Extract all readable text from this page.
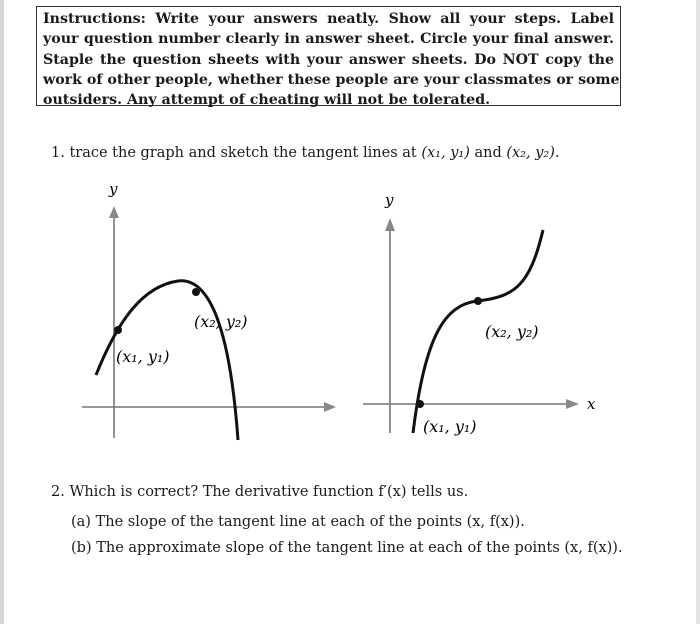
Instructions: Write your answers neatly. Show all your steps. Label
your question number clearly in answer sheet. Circle your final answer.
Staple the question sheets with your answer sheets. Do NOT copy the
work of other people, whether these people are your classmates or some
outsiders. Any attempt of cheating will not be tolerated.
1. trace the graph and sketch the tangent lines at (x₁, y₁) and (x₂, y₂).
y
(x₁, y₁)
(x₂, y₂)
y
x
(x₁, y₁)
(x₂, y₂)
2. Which is correct? The derivative function f′(x) tells us.
(a) The slope of the tangent line at each of the points (x, f(x)).
(b) The approximate slope of the tangent line at each of the points (x, f(x)).
